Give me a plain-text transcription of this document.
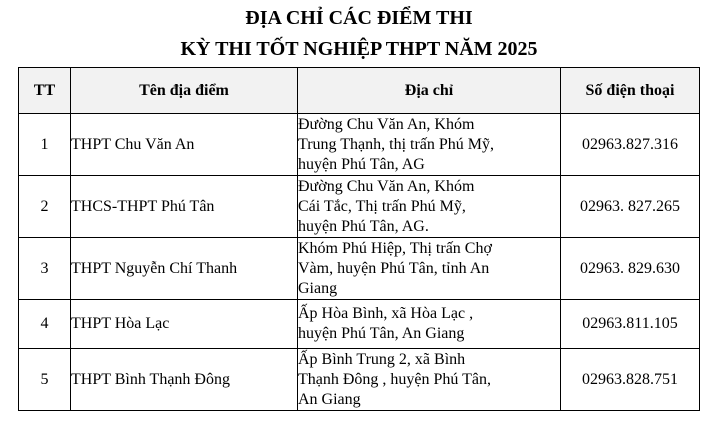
ĐỊA CHỈ CÁC ĐIỂM THI
KỲ THI TỐT NGHIỆP THPT NĂM 2025
TT	Tên địa điểm	Địa chỉ	Số điện thoại
1	THPT Chu Văn An	Đường Chu Văn An, Khóm
Trung Thạnh, thị trấn Phú Mỹ,
huyện Phú Tân, AG	02963.827.316
2	THCS-THPT Phú Tân	Đường Chu Văn An, Khóm
Cái Tắc, Thị trấn Phú Mỹ,
huyện Phú Tân, AG.	02963. 827.265
3	THPT Nguyễn Chí Thanh	Khóm Phú Hiệp, Thị trấn Chợ
Vàm, huyện Phú Tân, tỉnh An
Giang	02963. 829.630
4	THPT Hòa Lạc	Ấp Hòa Bình, xã Hòa Lạc ,
huyện Phú Tân, An Giang	02963.811.105
5	THPT Bình Thạnh Đông	Ấp Bình Trung 2, xã Bình
Thạnh Đông , huyện Phú Tân,
An Giang	02963.828.751
